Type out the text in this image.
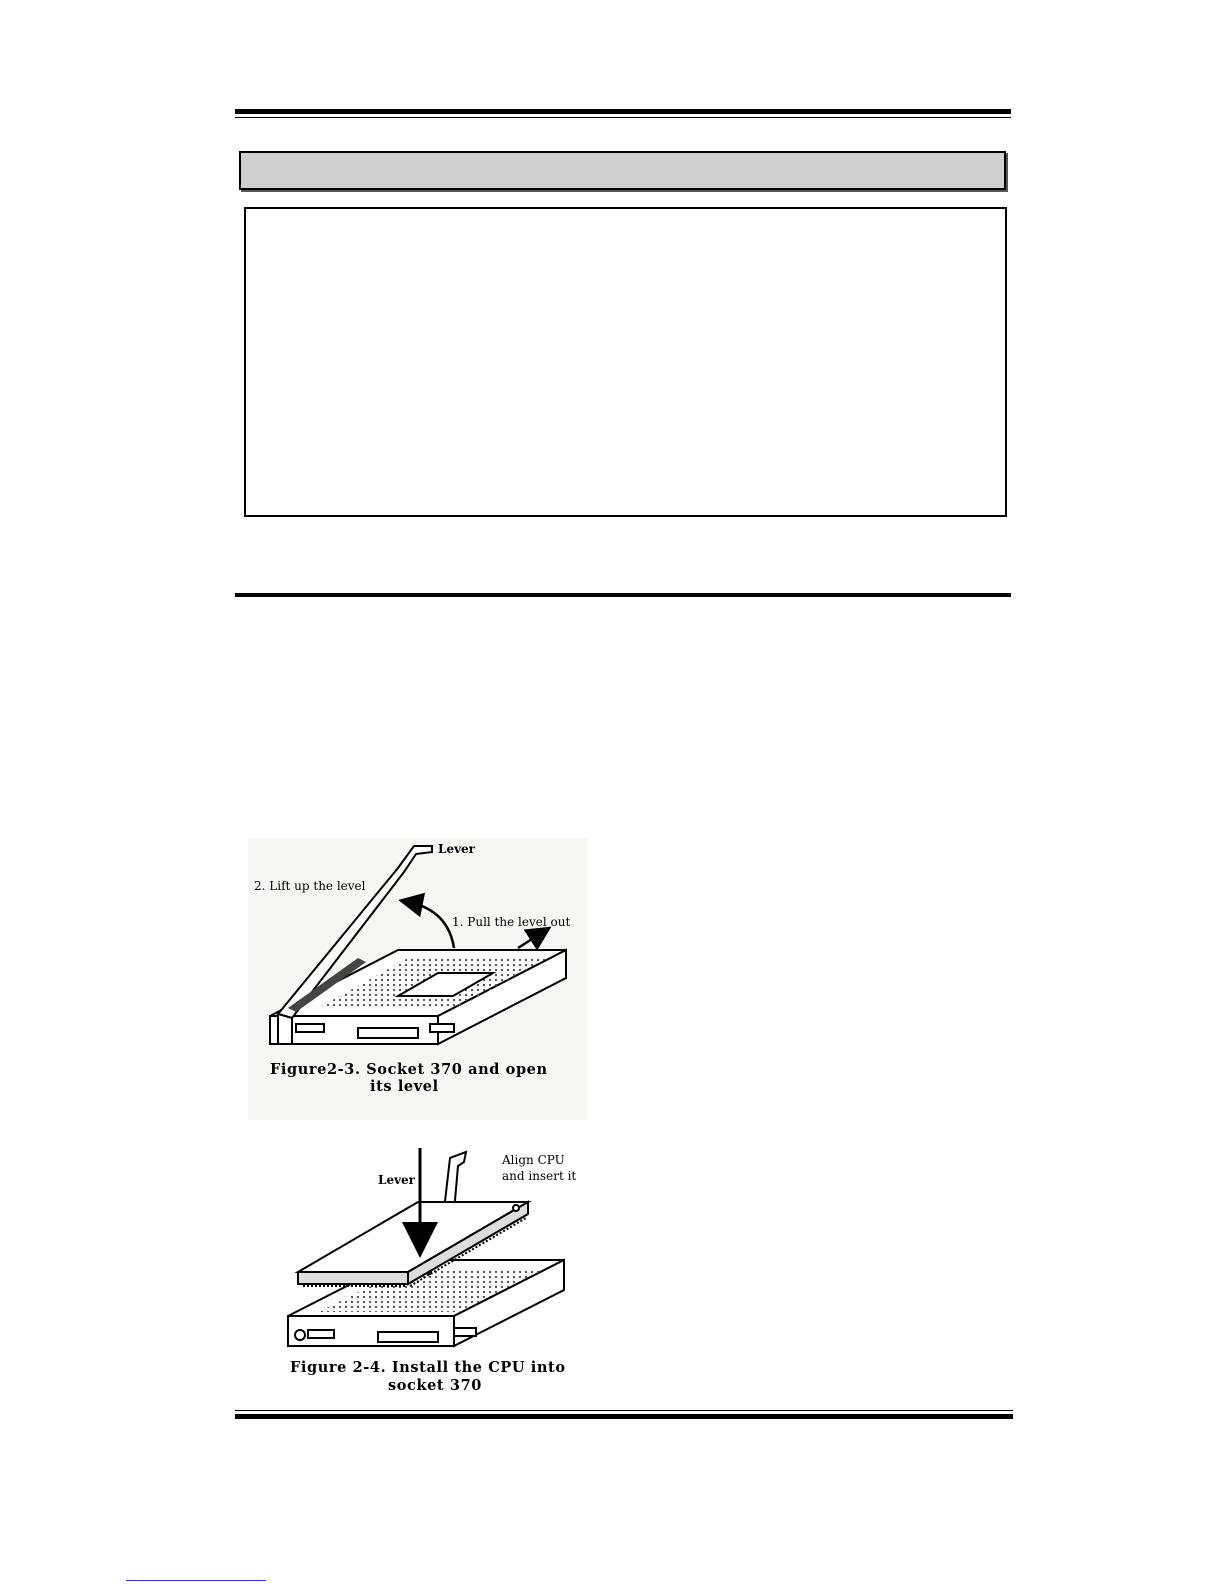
Lever
2. Lift up the level
1. Pull the level out
Figure2-3. Socket 370 and open
its level
Lever
Align CPU
and insert it
Figure 2-4. Install the CPU into
socket 370
